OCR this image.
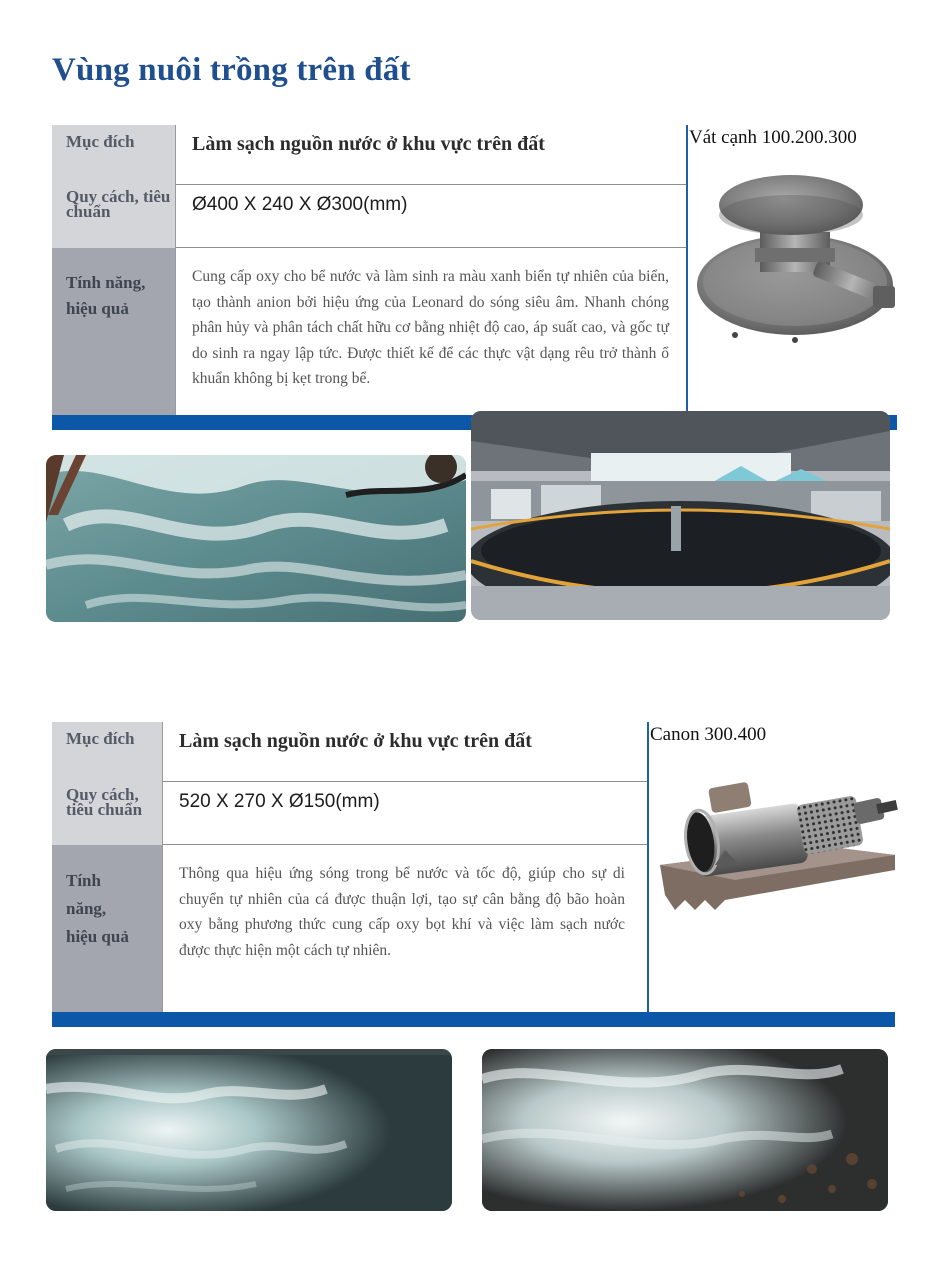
Vùng nuôi trồng trên đất
Mục đích
Quy cách, tiêu chuẩn
Tính năng, hiệu quả
Làm sạch nguồn nước ở khu vực trên đất
Ø400 X 240 X Ø300(mm)
Cung cấp oxy cho bể nước và làm sinh ra màu xanh biển tự nhiên của biển, tạo thành anion bởi hiệu ứng của Leonard do sóng siêu âm. Nhanh chóng phân hủy và phân tách chất hữu cơ bằng nhiệt độ cao, áp suất cao, và gốc tự do sinh ra ngay lập tức. Được thiết kế để các thực vật dạng rêu trở thành ổ khuẩn không bị kẹt trong bể.
Vát cạnh 100.200.300
Mục đích
Quy cách, tiêu chuẩn
Tính năng, hiệu quả
Làm sạch nguồn nước ở khu vực trên đất
520 X 270 X Ø150(mm)
Thông qua hiệu ứng sóng trong bể nước và tốc độ, giúp cho sự di chuyển tự nhiên của cá được thuận lợi, tạo sự cân bằng độ bão hoàn oxy bằng phương thức cung cấp oxy bọt khí và việc làm sạch nước được thực hiện một cách tự nhiên.
Canon 300.400
